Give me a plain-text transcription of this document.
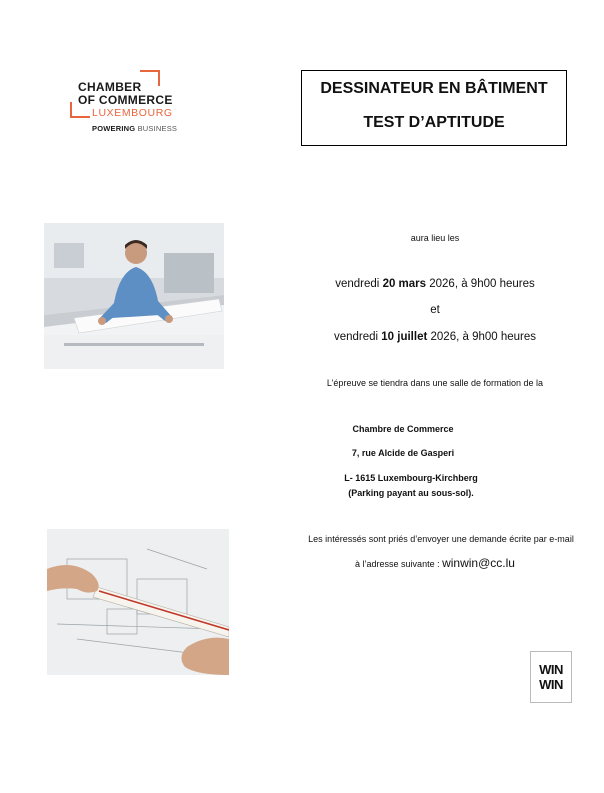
CHAMBER
OF COMMERCE
LUXEMBOURG
POWERING BUSINESS
DESSINATEUR EN BÂTIMENT
TEST D’APTITUDE
aura lieu les
vendredi 20 mars 2026, à 9h00 heures
et
vendredi 10 juillet 2026, à 9h00 heures
L’épreuve se tiendra dans une salle de formation de la
Chambre de Commerce
7, rue Alcide de Gasperi
L- 1615 Luxembourg-Kirchberg
(Parking payant au sous-sol).
Les intéressés sont priés d’envoyer une demande écrite par e-mail
à l’adresse suivante : winwin@cc.lu
WIN
WIN
